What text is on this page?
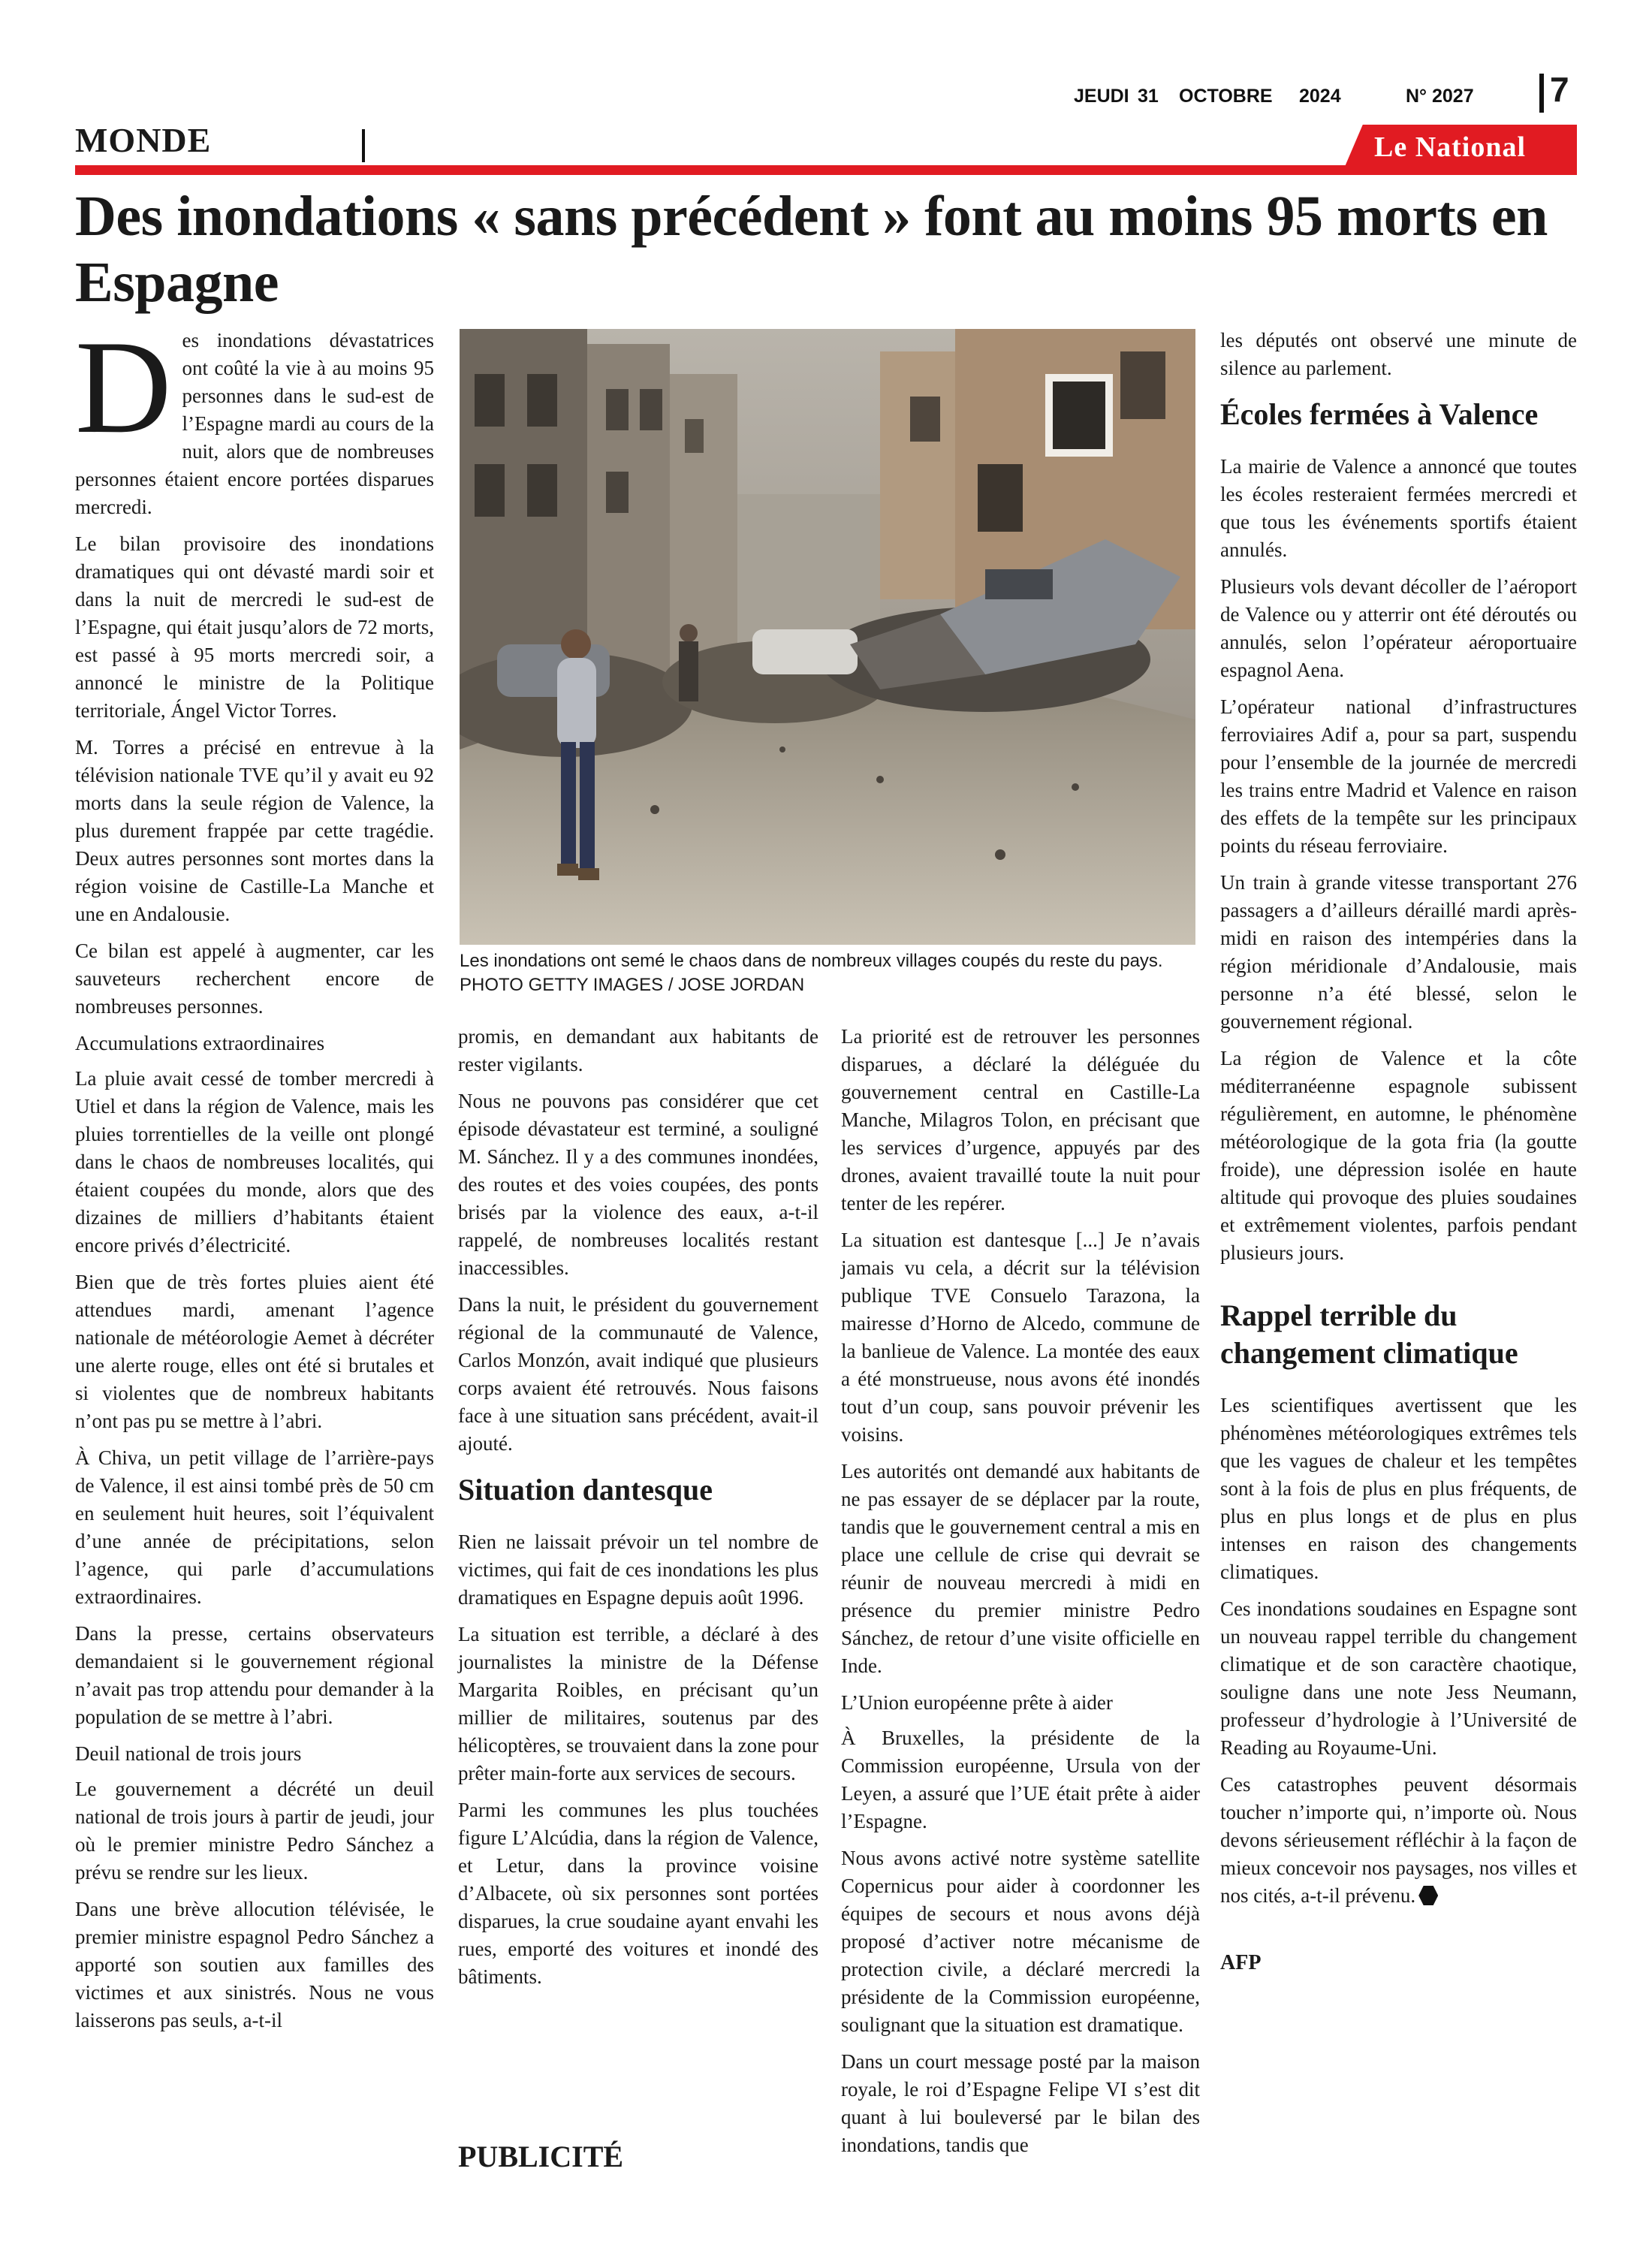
JEUDI 31 OCTOBRE 2024	N° 2027 7
MONDE	Le National
Des inondations « sans précédent » font au moins 95 morts en Espagne

Des inondations dévastatrices ont coûté la vie à au moins 95 personnes dans le sud-est de l’Espagne mardi au cours de la nuit, alors que de nombreuses personnes étaient encore portées disparues mercredi.

Le bilan provisoire des inondations dramatiques qui ont dévasté mardi soir et dans la nuit de mercredi le sud-est de l’Espagne, qui était jusqu’alors de 72 morts, est passé à 95 morts mercredi soir, a annoncé le ministre de la Politique territoriale, Ángel Victor Torres.

M. Torres a précisé en entrevue à la télévision nationale TVE qu’il y avait eu 92 morts dans la seule région de Valence, la plus durement frappée par cette tragédie. Deux autres personnes sont mortes dans la région voisine de Castille-La Manche et une en Andalousie.

Ce bilan est appelé à augmenter, car les sauveteurs recherchent encore de nombreuses personnes.

Accumulations extraordinaires

La pluie avait cessé de tomber mercredi à Utiel et dans la région de Valence, mais les pluies torrentielles de la veille ont plongé dans le chaos de nombreuses localités, qui étaient coupées du monde, alors que des dizaines de milliers d’habitants étaient encore privés d’électricité.

Bien que de très fortes pluies aient été attendues mardi, amenant l’agence nationale de météorologie Aemet à décréter une alerte rouge, elles ont été si brutales et si violentes que de nombreux habitants n’ont pas pu se mettre à l’abri.

À Chiva, un petit village de l’arrière-pays de Valence, il est ainsi tombé près de 50 cm en seulement huit heures, soit l’équivalent d’une année de précipitations, selon l’agence, qui parle d’accumulations extraordinaires.

Dans la presse, certains observateurs demandaient si le gouvernement régional n’avait pas trop attendu pour demander à la population de se mettre à l’abri.

Deuil national de trois jours

Le gouvernement a décrété un deuil national de trois jours à partir de jeudi, jour où le premier ministre Pedro Sánchez a prévu se rendre sur les lieux.

Dans une brève allocution télévisée, le premier ministre espagnol Pedro Sánchez a apporté son soutien aux familles des victimes et aux sinistrés. Nous ne vous laisserons pas seuls, a-t-il

Les inondations ont semé le chaos dans de nombreux villages coupés du reste du pays.
PHOTO GETTY IMAGES / JOSE JORDAN

promis, en demandant aux habitants de rester vigilants.

Nous ne pouvons pas considérer que cet épisode dévastateur est terminé, a souligné M. Sánchez. Il y a des communes inondées, des routes et des voies coupées, des ponts brisés par la violence des eaux, a-t-il rappelé, de nombreuses localités restant inaccessibles.

Dans la nuit, le président du gouvernement régional de la communauté de Valence, Carlos Monzón, avait indiqué que plusieurs corps avaient été retrouvés. Nous faisons face à une situation sans précédent, avait-il ajouté.

Situation dantesque

Rien ne laissait prévoir un tel nombre de victimes, qui fait de ces inondations les plus dramatiques en Espagne depuis août 1996.

La situation est terrible, a déclaré à des journalistes la ministre de la Défense Margarita Roibles, en précisant qu’un millier de militaires, soutenus par des hélicoptères, se trouvaient dans la zone pour prêter main-forte aux services de secours.

Parmi les communes les plus touchées figure L’Alcúdia, dans la région de Valence, et Letur, dans la province voisine d’Albacete, où six personnes sont portées disparues, la crue soudaine ayant envahi les rues, emporté des voitures et inondé des bâtiments.

PUBLICITÉ

La priorité est de retrouver les personnes disparues, a déclaré la déléguée du gouvernement central en Castille-La Manche, Milagros Tolon, en précisant que les services d’urgence, appuyés par des drones, avaient travaillé toute la nuit pour tenter de les repérer.

La situation est dantesque [...] Je n’avais jamais vu cela, a décrit sur la télévision publique TVE Consuelo Tarazona, la mairesse d’Horno de Alcedo, commune de la banlieue de Valence. La montée des eaux a été monstrueuse, nous avons été inondés tout d’un coup, sans pouvoir prévenir les voisins.

Les autorités ont demandé aux habitants de ne pas essayer de se déplacer par la route, tandis que le gouvernement central a mis en place une cellule de crise qui devrait se réunir de nouveau mercredi à midi en présence du premier ministre Pedro Sánchez, de retour d’une visite officielle en Inde.

L’Union européenne prête à aider

À Bruxelles, la présidente de la Commission européenne, Ursula von der Leyen, a assuré que l’UE était prête à aider l’Espagne.

Nous avons activé notre système satellite Copernicus pour aider à coordonner les équipes de secours et nous avons déjà proposé d’activer notre mécanisme de protection civile, a déclaré mercredi la présidente de la Commission européenne, soulignant que la situation est dramatique.

Dans un court message posté par la maison royale, le roi d’Espagne Felipe VI s’est dit quant à lui bouleversé par le bilan des inondations, tandis que

les députés ont observé une minute de silence au parlement.

Écoles fermées à Valence

La mairie de Valence a annoncé que toutes les écoles resteraient fermées mercredi et que tous les événements sportifs étaient annulés.

Plusieurs vols devant décoller de l’aéroport de Valence ou y atterrir ont été déroutés ou annulés, selon l’opérateur aéroportuaire espagnol Aena.

L’opérateur national d’infrastructures ferroviaires Adif a, pour sa part, suspendu pour l’ensemble de la journée de mercredi les trains entre Madrid et Valence en raison des effets de la tempête sur les principaux points du réseau ferroviaire.

Un train à grande vitesse transportant 276 passagers a d’ailleurs déraillé mardi après-midi en raison des intempéries dans la région méridionale d’Andalousie, mais personne n’a été blessé, selon le gouvernement régional.

La région de Valence et la côte méditerranéenne espagnole subissent régulièrement, en automne, le phénomène météorologique de la gota fria (la goutte froide), une dépression isolée en haute altitude qui provoque des pluies soudaines et extrêmement violentes, parfois pendant plusieurs jours.

Rappel terrible du changement climatique

Les scientifiques avertissent que les phénomènes météorologiques extrêmes tels que les vagues de chaleur et les tempêtes sont à la fois de plus en plus fréquents, de plus en plus longs et de plus en plus intenses en raison des changements climatiques.

Ces inondations soudaines en Espagne sont un nouveau rappel terrible du changement climatique et de son caractère chaotique, souligne dans une note Jess Neumann, professeur d’hydrologie à l’Université de Reading au Royaume-Uni.

Ces catastrophes peuvent désormais toucher n’importe qui, n’importe où. Nous devons sérieusement réfléchir à la façon de mieux concevoir nos paysages, nos villes et nos cités, a-t-il prévenu.

AFP
